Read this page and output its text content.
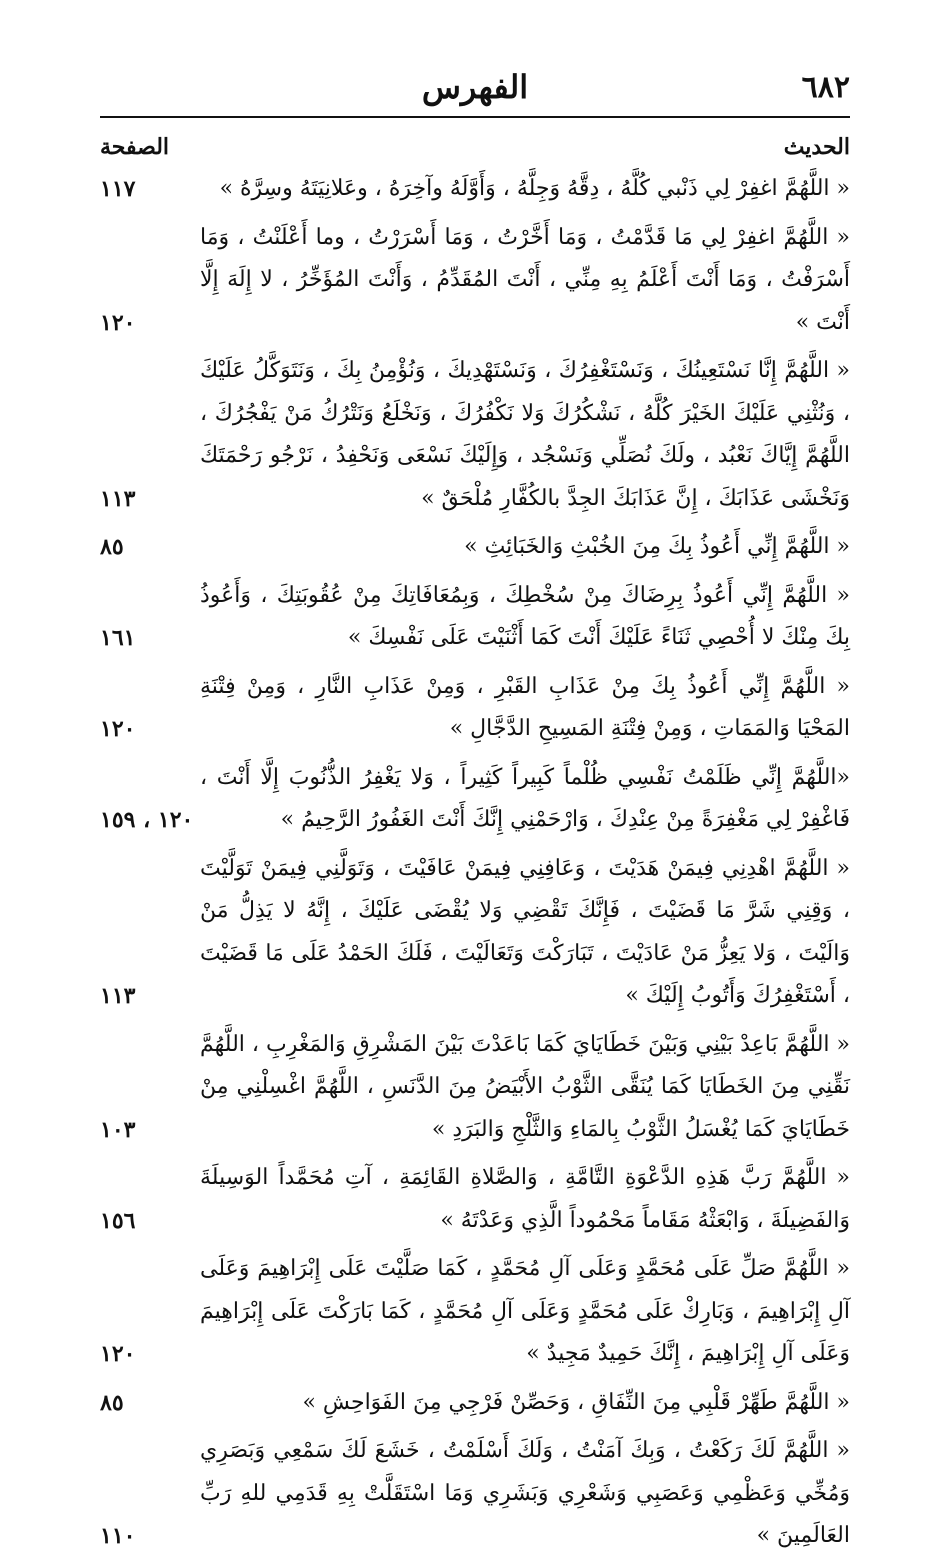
٦٨٢
الفهرس
الحديث
الصفحة
« اللَّهُمَّ اغفِرْ لِي ذَنْبي كُلَّهُ ، دِقَّهُ وَجِلَّهُ ، وَأَوَّلَهُ وآخِرَهُ ، وعَلانِيَتَهُ وسِرَّهُ »
١١٧
« اللَّهُمَّ اغفِرْ لِي مَا قَدَّمْتُ ، وَمَا أَخَّرْتُ ، وَمَا أَسْرَرْتُ ، وما أَعْلَنْتُ ، وَمَا أَسْرَفْتُ ، وَمَا أَنْتَ أَعْلَمُ بِهِ مِنِّي ، أَنْتَ المُقَدِّمُ ، وَأَنْتَ المُؤَخِّرُ ، لا إِلَهَ إِلَّا أَنْتَ »
١٢٠
« اللَّهُمَّ إِنَّا نَسْتَعِينُكَ ، وَنَسْتَغْفِرُكَ ، وَنَسْتَهْدِيكَ ، وَنُؤْمِنُ بِكَ ، وَنَتَوَكَّلُ عَلَيْكَ ، وَنُثْنِي عَلَيْكَ الخَيْرَ كُلَّهُ ، نَشْكُرُكَ وَلا نَكْفُرُكَ ، وَنَخْلَعُ وَنَتْرُكُ مَنْ يَفْجُرُكَ ، اللَّهُمَّ إِيَّاكَ نَعْبُد ، ولَكَ نُصَلِّي وَنَسْجُد ، وَإِلَيْكَ نَسْعَى وَنَحْفِدُ ، نَرْجُو رَحْمَتَكَ وَنَخْشَى عَذَابَكَ ، إِنَّ عَذَابَكَ الجِدَّ بالكُفَّارِ مُلْحَقٌ »
١١٣
« اللَّهُمَّ إِنِّي أَعُوذُ بِكَ مِنَ الخُبْثِ وَالخَبَائِثِ »
٨٥
« اللَّهُمَّ إِنِّي أَعُوذُ بِرِضَاكَ مِنْ سُخْطِكَ ، وَبِمُعَافَاتِكَ مِنْ عُقُوبَتِكَ ، وَأَعُوذُ بِكَ مِنْكَ لا أُحْصِي ثَنَاءً عَلَيْكَ أَنْتَ كَمَا أَثْنَيْتَ عَلَى نَفْسِكَ »
١٦١
« اللَّهُمَّ إِنِّي أَعُوذُ بِكَ مِنْ عَذَابِ القَبْرِ ، وَمِنْ عَذَابِ النَّارِ ، وَمِنْ فِتْنَةِ المَحْيَا وَالمَمَاتِ ، وَمِنْ فِتْنَةِ المَسِيحِ الدَّجَّالِ »
١٢٠
«اللَّهُمَّ إِنِّي ظَلَمْتُ نَفْسِي ظُلْماً كَبِيراً كَثِيراً ، وَلا يَغْفِرُ الذُّنُوبَ إِلَّا أَنْتَ ، فَاغْفِرْ لِي مَغْفِرَةً مِنْ عِنْدِكَ ، وَارْحَمْنِي إِنَّكَ أَنْتَ الغَفُورُ الرَّحِيمُ »
١٢٠ ، ١٥٩
« اللَّهُمَّ اهْدِنِي فِيمَنْ هَدَيْتَ ، وَعَافِنِي فِيمَنْ عَافَيْتَ ، وَتَوَلَّنِي فِيمَنْ تَوَلَّيْتَ ، وَقِنِي شَرَّ مَا قَضَيْتَ ، فَإِنَّكَ تَقْضِي وَلا يُقْضَى عَلَيْكَ ، إِنَّهُ لا يَذِلُّ مَنْ وَالَيْتَ ، وَلا يَعِزُّ مَنْ عَادَيْتَ ، تَبَارَكْتَ وَتَعَالَيْتَ ، فَلَكَ الحَمْدُ عَلَى مَا قَضَيْتَ ، أَسْتَغْفِرُكَ وَأَتُوبُ إِلَيْكَ »
١١٣
« اللَّهُمَّ بَاعِدْ بَيْنِي وَبَيْنَ خَطَايَايَ كَمَا بَاعَدْتَ بَيْنَ المَشْرِقِ وَالمَغْرِبِ ، اللَّهُمَّ نَقِّنِي مِنَ الخَطَايَا كَمَا يُنَقَّى الثَّوْبُ الأَبْيَضُ مِنَ الدَّنَسِ ، اللَّهُمَّ اغْسِلْنِي مِنْ خَطَايَايَ كَمَا يُغْسَلُ الثَّوْبُ بِالمَاءِ وَالثَّلْجِ وَالبَرَدِ »
١٠٣
« اللَّهُمَّ رَبَّ هَذِهِ الدَّعْوَةِ التَّامَّةِ ، وَالصَّلاةِ القَائِمَةِ ، آتِ مُحَمَّداً الوَسِيلَةَ وَالفَضِيلَةَ ، وَابْعَثْهُ مَقَاماً مَحْمُوداً الَّذِي وَعَدْتَهُ »
١٥٦
« اللَّهُمَّ صَلِّ عَلَى مُحَمَّدٍ وَعَلَى آلِ مُحَمَّدٍ ، كَمَا صَلَّيْتَ عَلَى إِبْرَاهِيمَ وَعَلَى آلِ إِبْرَاهِيمَ ، وَبَارِكْ عَلَى مُحَمَّدٍ وَعَلَى آلِ مُحَمَّدٍ ، كَمَا بَارَكْتَ عَلَى إِبْرَاهِيمَ وَعَلَى آلِ إِبْرَاهِيمَ ، إِنَّكَ حَمِيدٌ مَجِيدٌ »
١٢٠
« اللَّهُمَّ طَهِّرْ قَلْبِي مِنَ النِّفَاقِ ، وَحَصِّنْ فَرْجِي مِنَ الفَوَاحِشِ »
٨٥
« اللَّهُمَّ لَكَ رَكَعْتُ ، وَبِكَ آمَنْتُ ، وَلَكَ أَسْلَمْتُ ، خَشَعَ لَكَ سَمْعِي وَبَصَرِي وَمُخِّي وَعَظْمِي وَعَصَبِي وَشَعْرِي وَبَشَرِي وَمَا اسْتَقَلَّتْ بِهِ قَدَمِي للهِ رَبِّ العَالَمِينَ »
١١٠
